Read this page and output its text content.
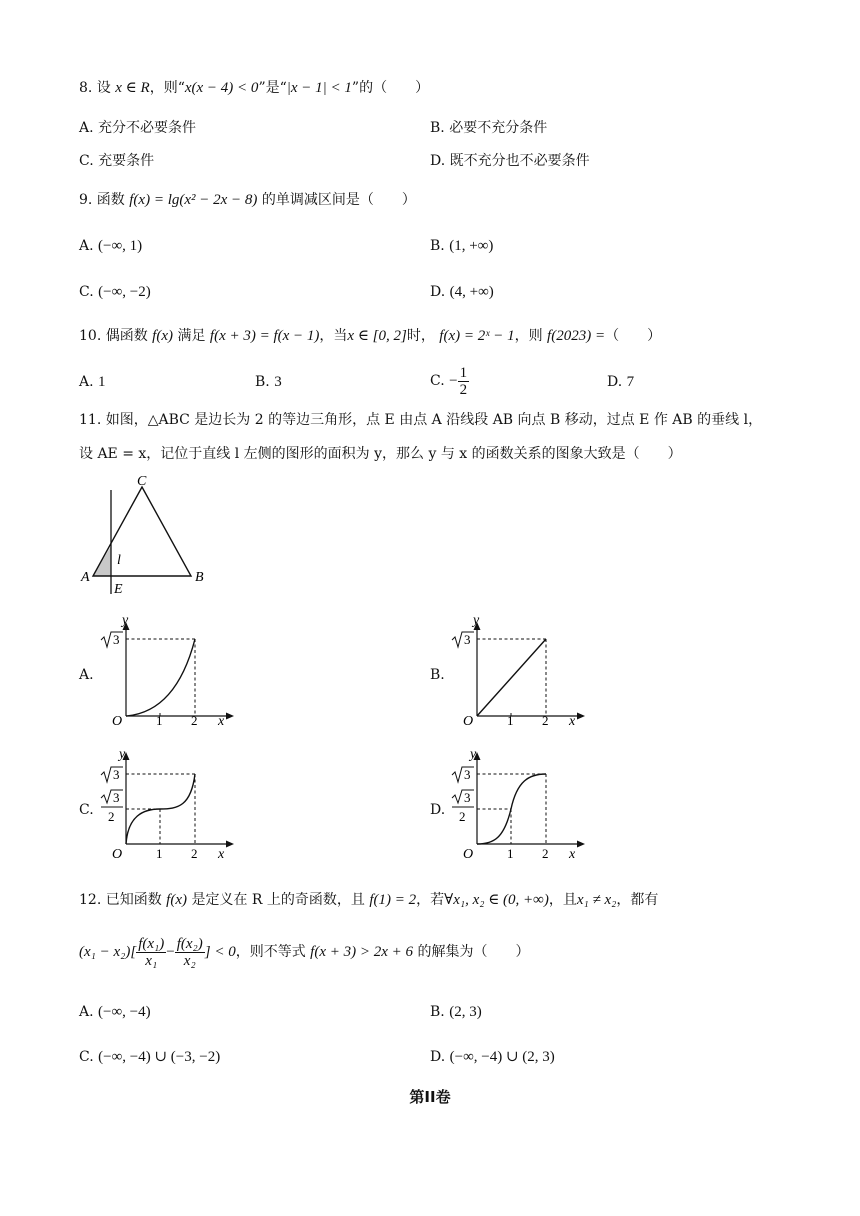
8. 设 x ∈ R，则“x(x − 4) < 0”是“|x − 1| < 1”的（　　）
A. 充分不必要条件	B. 必要不充分条件
C. 充要条件	D. 既不充分也不必要条件
9. 函数 f(x) = lg(x² − 2x − 8) 的单调减区间是（　　）
A. (−∞, 1)	B. (1, +∞)
C. (−∞, −2)	D. (4, +∞)
10. 偶函数 f(x) 满足 f(x + 3) = f(x − 1)，当x ∈ [0, 2]时， f(x) = 2ˣ − 1，则 f(2023) =（　　）
A. 1	B. 3	C. − $\frac{1}{2}$	D. 7
11. 如图，△ABC 是边长为 2 的等边三角形，点 E 由点 A 沿线段 AB 向点 B 移动，过点 E 作 AB 的垂线 l，
设 AE = x，记位于直线 l 左侧的图形的面积为 y，那么 y 与 x 的函数关系的图象大致是（　　）
A	B
C
E
l
A.
y
x
O	1 2
3
B.
y
x
O	1 2
3
C.
y
x
O	1 2
3
3
2	D.
y
x
O	1 2
3
3
2
12. 已知函数 f(x) 是定义在 R 上的奇函数，且 f(1) = 2，若∀x₁, x₂ ∈ (0, +∞)，且x₁ ≠ x₂，都有
$(x_1 - x_2)[ \frac{\text{f(x₁)}}{\text{x₁}} - \frac{\text{f(x₂)}}{\text{x₂}}$ ] < 0，则不等式 f(x + 3) > 2x + 6 的解集为（　　）
A. (−∞, −4)	B. (2, 3)
C. (−∞, −4) ∪ (−3, −2)	D. (−∞, −4) ∪ (2, 3)
第II卷
